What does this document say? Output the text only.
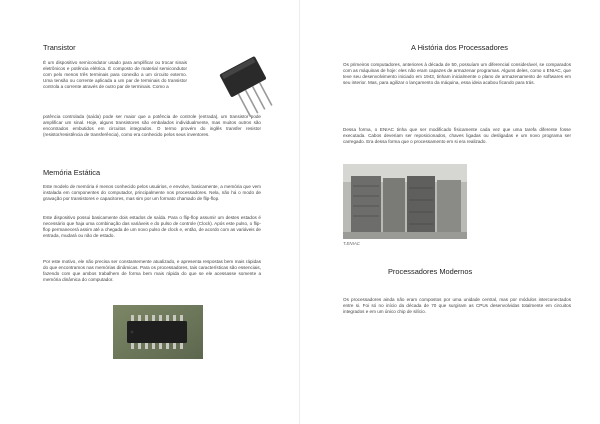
Transistor

É um dispositivo semicondutor usado para amplificar ou trocar sinais eletrônicos e potência elétrica. É composto de material semicondutor com pelo menos três terminais para conexão a um circuito externo. Uma tensão ou corrente aplicada a um par de terminais do transistor controla a corrente através de outro par de terminais. Como a

potência controlada (saída) pode ser maior que a potência de controle (entrada), um transistor pode amplificar um sinal. Hoje, alguns transistores são embalados individualmente, mas muitos outros são encontrados embutidos em circuitos integrados. O termo provém do inglês transfer resistor (resistor/resistência de transferência), como era conhecido pelos seus inventores.

Memória Estática

Este modelo de memória é menos conhecido pelos usuários, e envolve, basicamente, a memória que vem instalada em componentes do computador, principalmente nos processadores. Nela, não há o modo de gravação por transistores e capacitores, mas sim por um formato chamado de flip-flop.

Este dispositivo possui basicamente dois estados de saída. Para o flip-flop assumir um destes estados é necessário que haja uma combinação das variáveis e do pulso de controle (Clock). Após este pulso, o flip-flop permanecerá assim até a chegada de um novo pulso de clock e, então, de acordo com as variáveis de entrada, mudará ou não de estado.

Por este motivo, ele não precisa ser constantemente atualizado, e apresenta respostas bem mais rápidas do que encontramos nas memórias dinâmicas. Para os processadores, tais características são essenciais, fazendo com que ambos trabalhem de forma bem mais rápida do que se ele acessasse somente a memória dinâmica do computador.

A História dos Processadores

Os primeiros computadores, anteriores à década de 50, possuíam um diferencial considerável, se comparados com as máquinas de hoje: eles não eram capazes de armazenar programas. Alguns deles, como o ENIAC, que teve seu desenvolvimento iniciado em 1943, tinham inicialmente o plano de armazenamento de softwares em seu interior. Mas, para agilizar o lançamento da máquina, essa ideia acabou ficando para trás.

Dessa forma, o ENIAC tinha que ser modificado fisicamente cada vez que uma tarefa diferente fosse executada. Cabos deveriam ser reposicionados, chaves ligadas ou desligadas e um novo programa ser carregado. Era dessa forma que o processamento em si era realizado.

T.ENIAC
Processadores Modernos

Os processadores ainda não eram compostos por uma unidade central, mas por módulos interconectados entre si. Foi só no início da década de 70 que surgiram as CPUs desenvolvidas totalmente em circuitos integrados e em um único chip de silício.
